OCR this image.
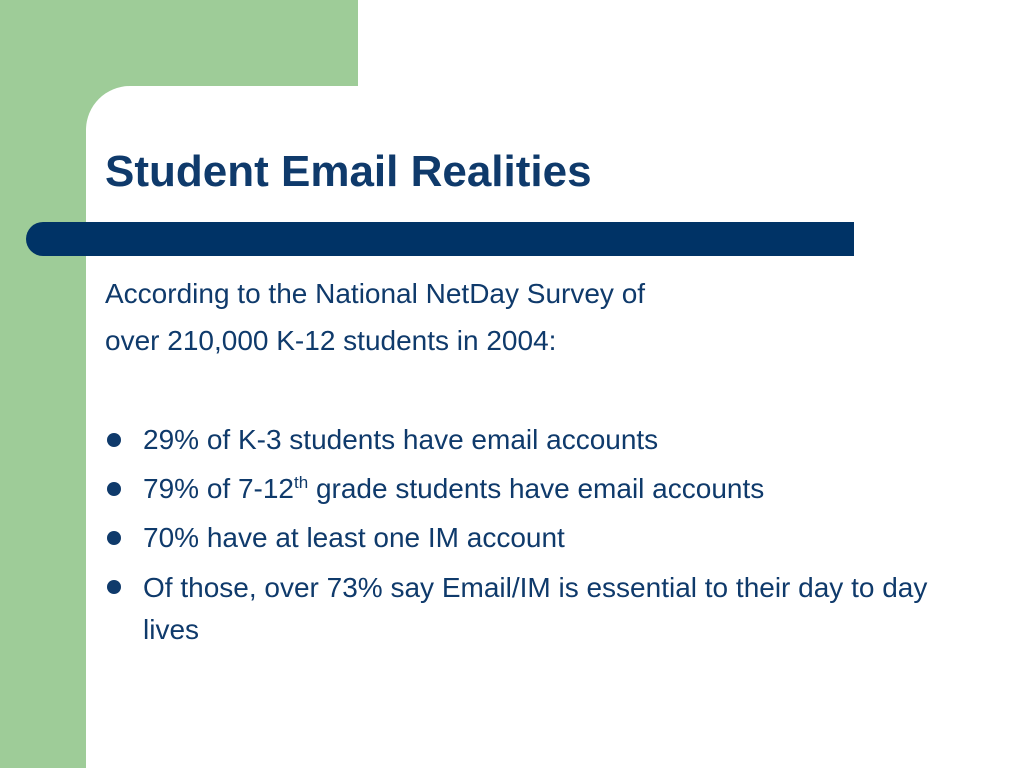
Student Email Realities

According to the National NetDay Survey of

over 210,000 K-12 students in 2004:

29% of K-3 students have email accounts
79% of 7-12th grade students have email accounts
70% have at least one IM account
Of those, over 73% say Email/IM is essential to their day to day lives
